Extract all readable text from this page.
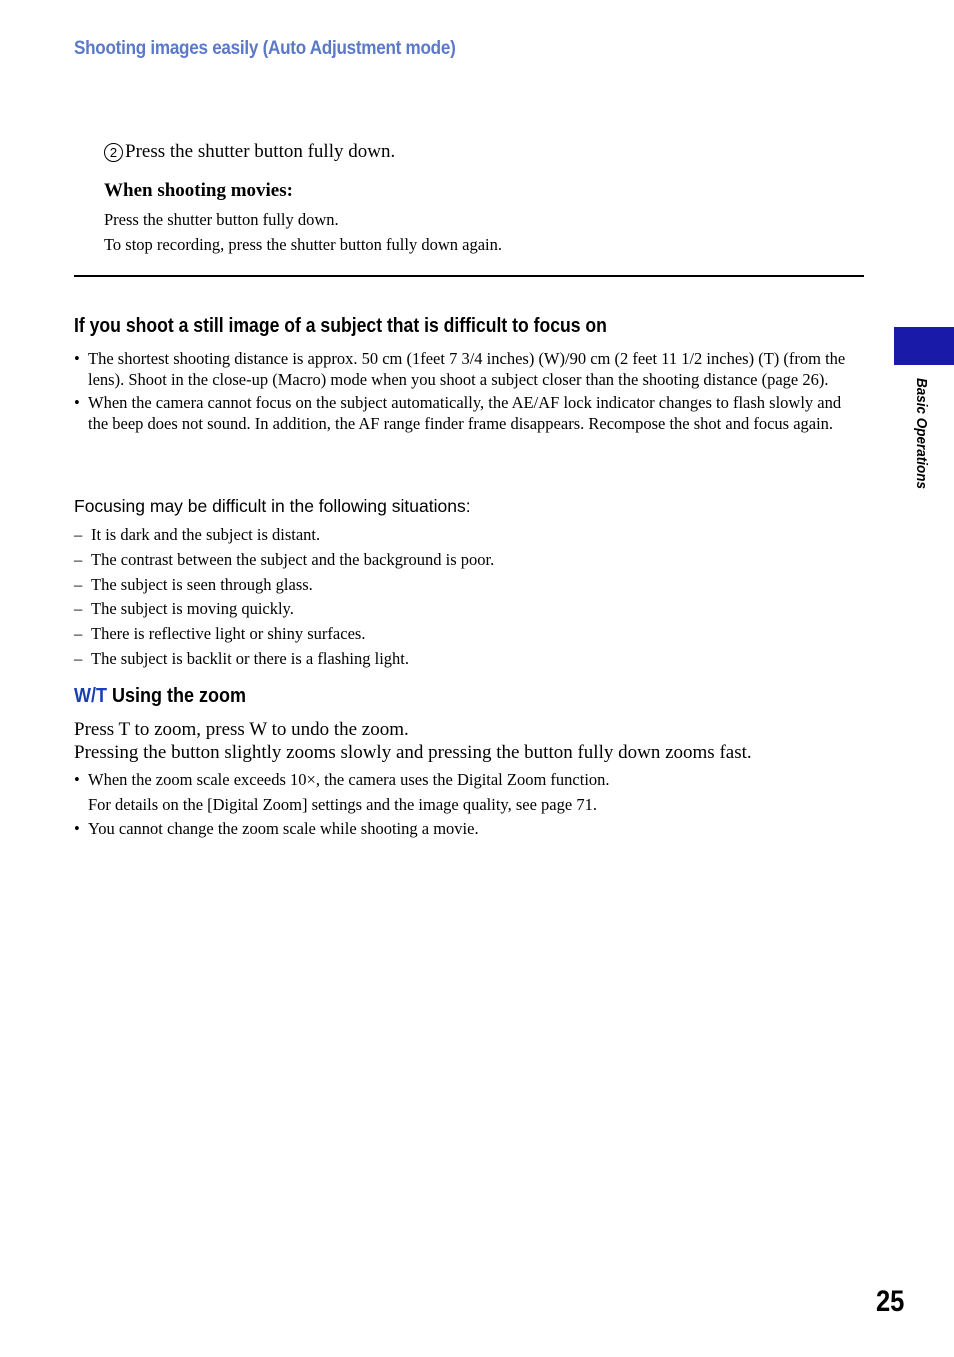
Shooting images easily (Auto Adjustment mode)
2 Press the shutter button fully down.
When shooting movies:
Press the shutter button fully down.
To stop recording, press the shutter button fully down again.
If you shoot a still image of a subject that is difficult to focus on
• The shortest shooting distance is approx. 50 cm (1feet 7 3/4 inches) (W)/90 cm (2 feet 11 1/2 inches) (T) (from the lens). Shoot in the close-up (Macro) mode when you shoot a subject closer than the shooting distance (page 26).
• When the camera cannot focus on the subject automatically, the AE/AF lock indicator changes to flash slowly and the beep does not sound. In addition, the AF range finder frame disappears. Recompose the shot and focus again.
Focusing may be difficult in the following situations:
– It is dark and the subject is distant.
– The contrast between the subject and the background is poor.
– The subject is seen through glass.
– The subject is moving quickly.
– There is reflective light or shiny surfaces.
– The subject is backlit or there is a flashing light.
W/T Using the zoom
Press T to zoom, press W to undo the zoom.
Pressing the button slightly zooms slowly and pressing the button fully down zooms fast.
• When the zoom scale exceeds 10×, the camera uses the Digital Zoom function.
For details on the [Digital Zoom] settings and the image quality, see page 71.
• You cannot change the zoom scale while shooting a movie.
Basic Operations
25
